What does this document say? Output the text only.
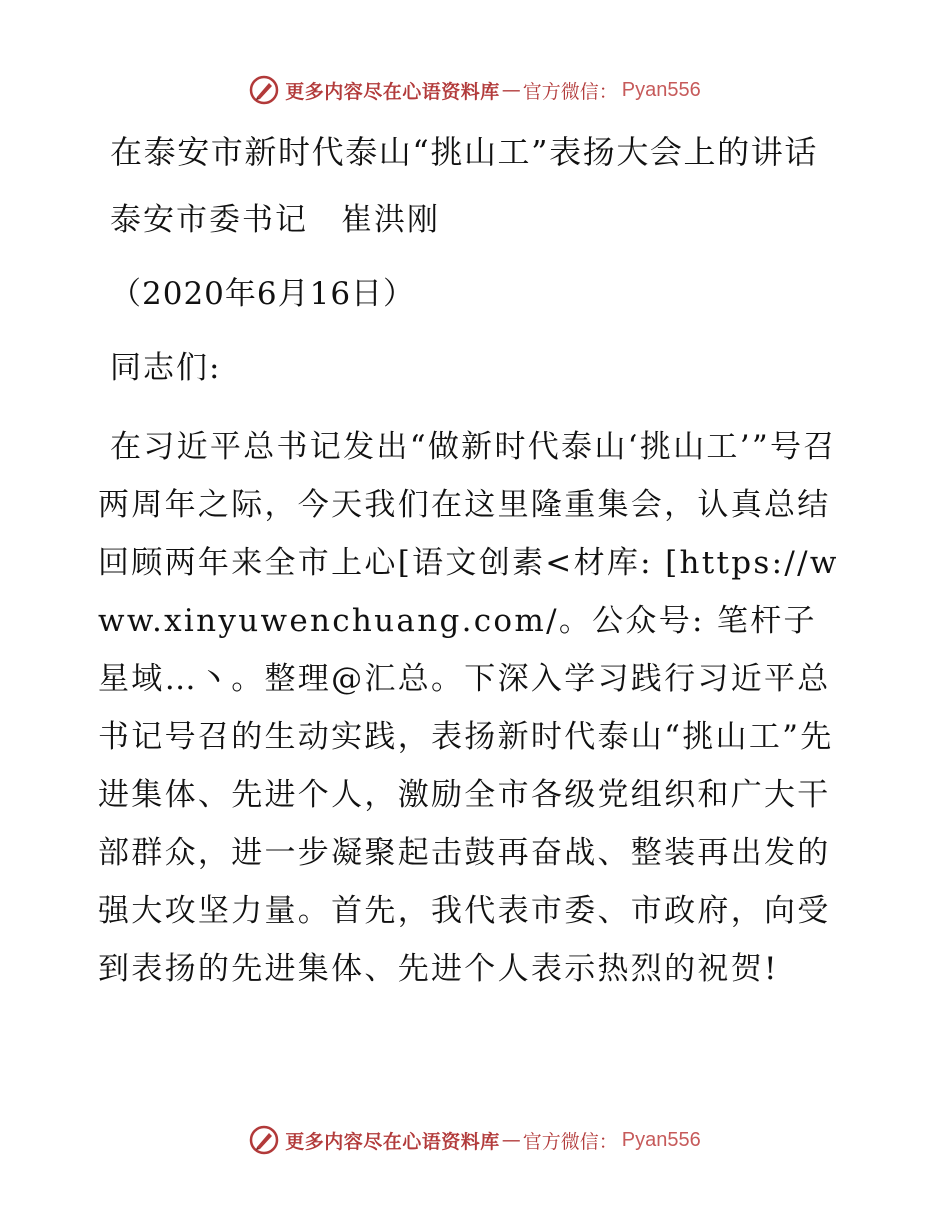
更多内容尽在心语资料库 — 官方微信： Pyan556
在泰安市新时代泰山“挑山工”表扬大会上的讲话

泰安市委书记　崔洪刚

（2020年6月16日）

同志们:

在习近平总书记发出“做新时代泰山‘挑山工’”号召两周年之际，今天我们在这里隆重集会，认真总结回顾两年来全市上心[语文创素<材库: [https://www.xinyuwenchuang.com/。公众号: 笔杆子星域…丶。整理@汇总。下深入学习践行习近平总书记号召的生动实践，表扬新时代泰山“挑山工”先进集体、先进个人，激励全市各级党组织和广大干部群众，进一步凝聚起击鼓再奋战、整装再出发的强大攻坚力量。首先，我代表市委、市政府，向受到表扬的先进集体、先进个人表示热烈的祝贺!

更多内容尽在心语资料库 — 官方微信： Pyan556
